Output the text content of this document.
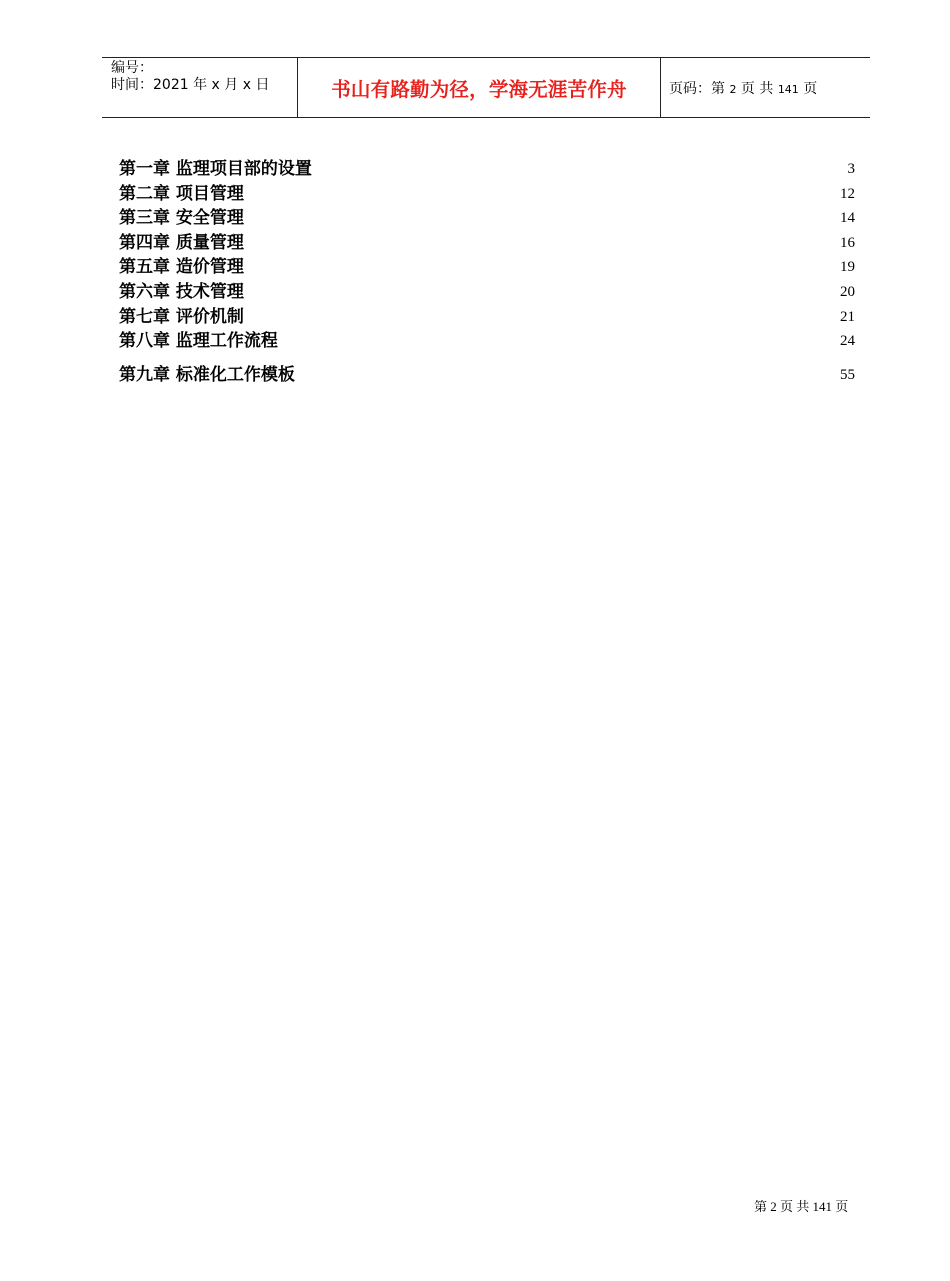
编号：
时间：2021 年 x 月 x 日	书山有路勤为径，学海无涯苦作舟	页码：第 2 页 共 141 页
第一章 监理项目部的设置	3
第二章 项目管理	12
第三章 安全管理	14
第四章 质量管理	16
第五章 造价管理	19
第六章 技术管理	20
第七章 评价机制	21
第八章 监理工作流程	24
第九章 标准化工作模板	55
第 2 页 共 141 页
